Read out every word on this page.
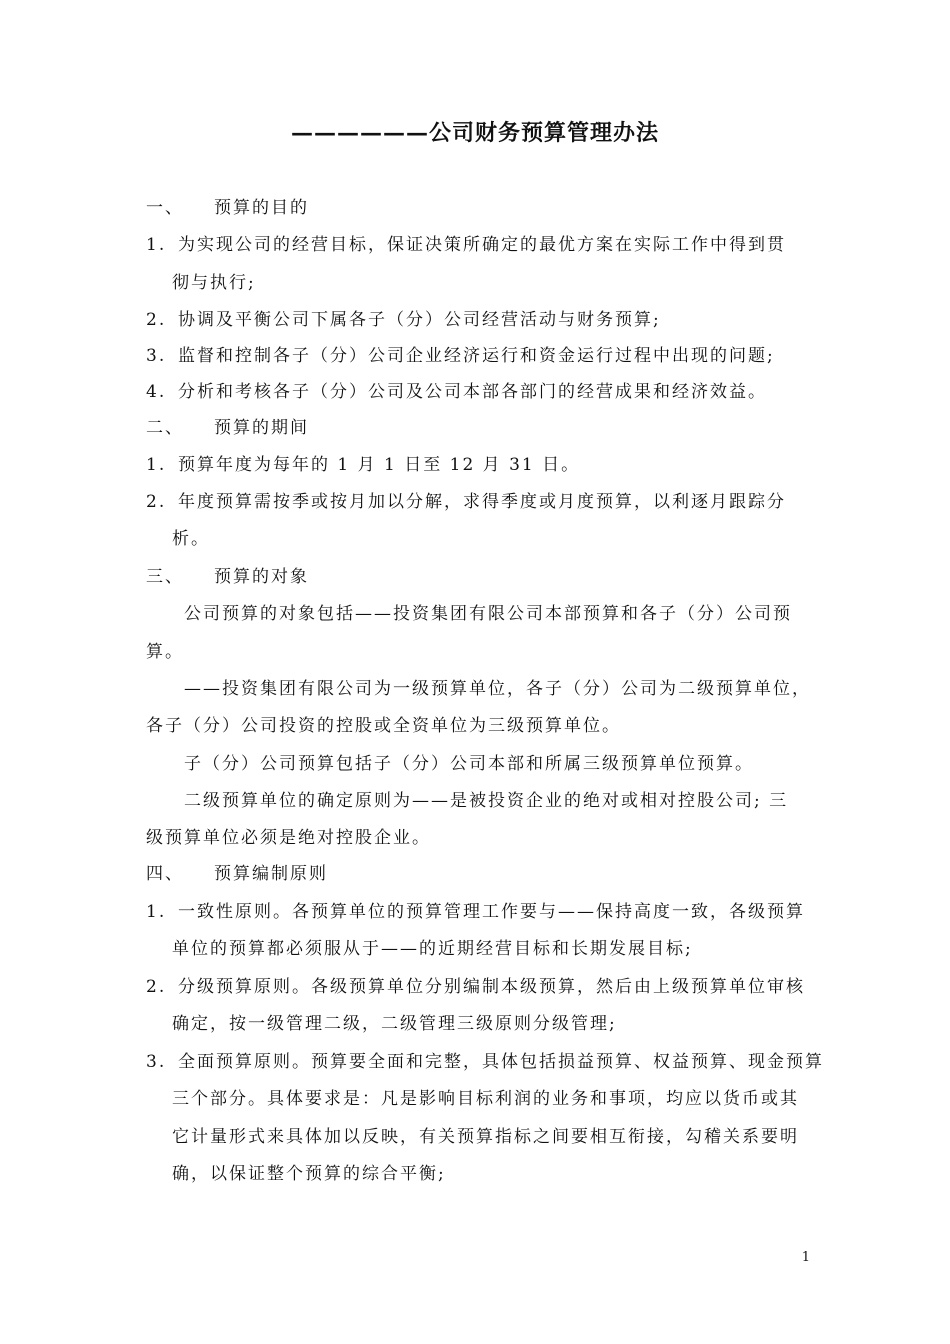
——————公司财务预算管理办法
一、 预算的目的
1. 为实现公司的经营目标，保证决策所确定的最优方案在实际工作中得到贯
彻与执行;
2. 协调及平衡公司下属各子（分）公司经营活动与财务预算;
3. 监督和控制各子（分）公司企业经济运行和资金运行过程中出现的问题;
4. 分析和考核各子（分）公司及公司本部各部门的经营成果和经济效益。
二、 预算的期间
1. 预算年度为每年的 1 月 1 日至 12 月 31 日。
2. 年度预算需按季或按月加以分解，求得季度或月度预算，以利逐月跟踪分
析。
三、 预算的对象
公司预算的对象包括——投资集团有限公司本部预算和各子（分）公司预
算。
——投资集团有限公司为一级预算单位，各子（分）公司为二级预算单位，
各子（分）公司投资的控股或全资单位为三级预算单位。
子（分）公司预算包括子（分）公司本部和所属三级预算单位预算。
二级预算单位的确定原则为——是被投资企业的绝对或相对控股公司; 三
级预算单位必须是绝对控股企业。
四、 预算编制原则
1. 一致性原则。各预算单位的预算管理工作要与——保持高度一致，各级预算
单位的预算都必须服从于——的近期经营目标和长期发展目标;
2. 分级预算原则。各级预算单位分别编制本级预算，然后由上级预算单位审核
确定，按一级管理二级，二级管理三级原则分级管理;
3. 全面预算原则。预算要全面和完整，具体包括损益预算、权益预算、现金预算
三个部分。具体要求是：凡是影响目标利润的业务和事项，均应以货币或其
它计量形式来具体加以反映，有关预算指标之间要相互衔接，勾稽关系要明
确，以保证整个预算的综合平衡;
1
